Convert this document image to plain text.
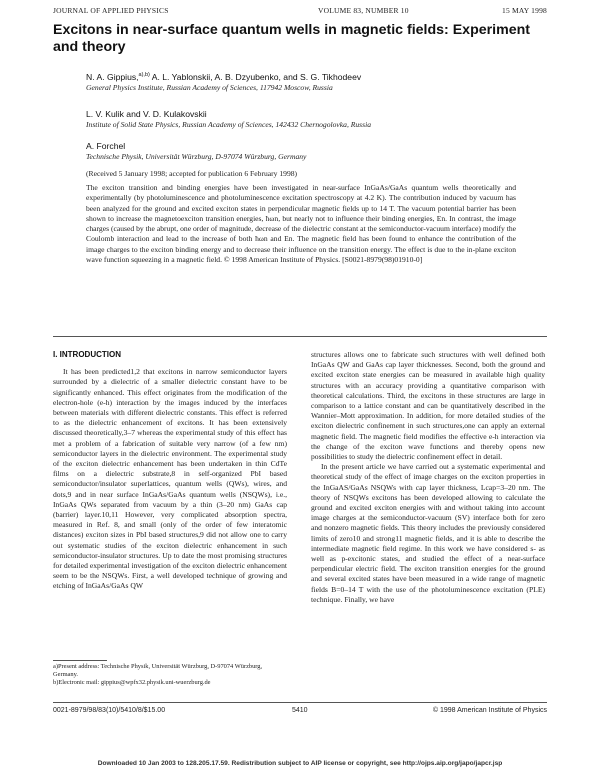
JOURNAL OF APPLIED PHYSICS	VOLUME 83, NUMBER 10	15 MAY 1998
Excitons in near-surface quantum wells in magnetic fields: Experiment and theory
N. A. Gippius,$^{a),b)}$ A. L. Yablonskii, A. B. Dzyubenko, and S. G. Tikhodeev
General Physics Institute, Russian Academy of Sciences, 117942 Moscow, Russia
L. V. Kulik and V. D. Kulakovskii
Institute of Solid State Physics, Russian Academy of Sciences, 142432 Chernogolovka, Russia
A. Forchel
Technische Physik, Universität Würzburg, D-97074 Würzburg, Germany
(Received 5 January 1998; accepted for publication 6 February 1998)

The exciton transition and binding energies have been investigated in near-surface InGaAs/GaAs quantum wells theoretically and experimentally (by photoluminescence and photoluminescence excitation spectroscopy at 4.2 K). The contribution induced by vacuum has been analyzed for the ground and excited exciton states in perpendicular magnetic fields up to 14 T. The vacuum potential barrier has been shown to increase the magnetoexciton transition energies, ħωn, but nearly not to influence their binding energies, En. In contrast, the image charges (caused by the abrupt, one order of magnitude, decrease of the dielectric constant at the semiconductor-vacuum interface) modify the Coulomb interaction and lead to the increase of both ħωn and En. The magnetic field has been found to enhance the contribution of the image charges to the exciton binding energy and to decrease their influence on the transition energy. The effect is due to the in-plane exciton wave function squeezing in a magnetic field. © 1998 American Institute of Physics. [S0021-8979(98)01910-0]

I. INTRODUCTION

It has been predicted1,2 that excitons in narrow semiconductor layers surrounded by a dielectric of a smaller dielectric constant have to be significantly enhanced. This effect originates from the modification of the electron-hole (e-h) interaction by the images induced by the interfaces between materials with different dielectric constants. This effect is referred to as the dielectric enhancement of excitons. It has been extensively discussed theoretically,3–7 whereas the experimental study of this effect has met a problem of a fabrication of suitable very narrow (of a few nm) semiconductor layers in the dielectric environment. The experimental study of the exciton dielectric enhancement has been undertaken in thin CdTe films on a dielectric substrate,8 in self-organized PbI based semiconductor/insulator superlattices, quantum wells (QWs), wires, and dots,9 and in near surface InGaAs/GaAs quantum wells (NSQWs), i.e., InGaAs QWs separated from vacuum by a thin (3–20 nm) GaAs cap (barrier) layer.10,11 However, very complicated absorption spectra, measured in Ref. 8, and small (only of the order of few interatomic distances) exciton sizes in PbI based structures,9 did not allow one to carry out systematic studies of the exciton dielectric enhancement in such semiconductor-insulator structures. Up to date the most promising structures for detailed experimental investigation of the exciton dielectric enhancement seem to be the NSQWs. First, a well developed technique of growing and etching of InGaAs/GaAs QW

structures allows one to fabricate such structures with well defined both InGaAs QW and GaAs cap layer thicknesses. Second, both the ground and excited exciton state energies can be measured in available high quality structures with an accuracy providing a quantitative comparison with theoretical calculations. Third, the excitons in these structures are large in comparison to a lattice constant and can be quantitatively described in the Wannier–Mott approximation. In addition, for more detailed studies of the exciton dielectric confinement in such structures,one can apply an external magnetic field. The magnetic field modifies the effective e-h interaction via the change of the exciton wave functions and thereby opens new possibilities to study the dielectric confinement effect in detail.

In the present article we have carried out a systematic experimental and theoretical study of the effect of image charges on the exciton properties in the InGaAS/GaAs NSQWs with cap layer thickness, Lcap=3–20 nm. The theory of NSQWs excitons has been developed allowing to calculate the ground and excited exciton energies with and without taking into account image charges at the semiconductor-vacuum (SV) interface both for zero and nonzero magnetic fields. This theory includes the previously considered limits of zero10 and strong11 magnetic fields, and it is able to describe the intermediate magnetic field regime. In this work we have considered s- as well as p-excitonic states, and studied the effect of a near-surface perpendicular electric field. The exciton transition energies for the ground and several excited states have been measured in a wide range of magnetic fields B=0–14 T with the use of the photoluminescence excitation (PLE) technique. Finally, we have

a)Present address: Technische Physik, Universität Würzburg, D-97074 Würzburg, Germany.
b)Electronic mail: gippius@wpfx32.physik.uni-wuerzburg.de
0021-8979/98/83(10)/5410/8/$15.00	5410	© 1998 American Institute of Physics
Downloaded 10 Jan 2003 to 128.205.17.59. Redistribution subject to AIP license or copyright, see http://ojps.aip.org/japo/japcr.jsp
